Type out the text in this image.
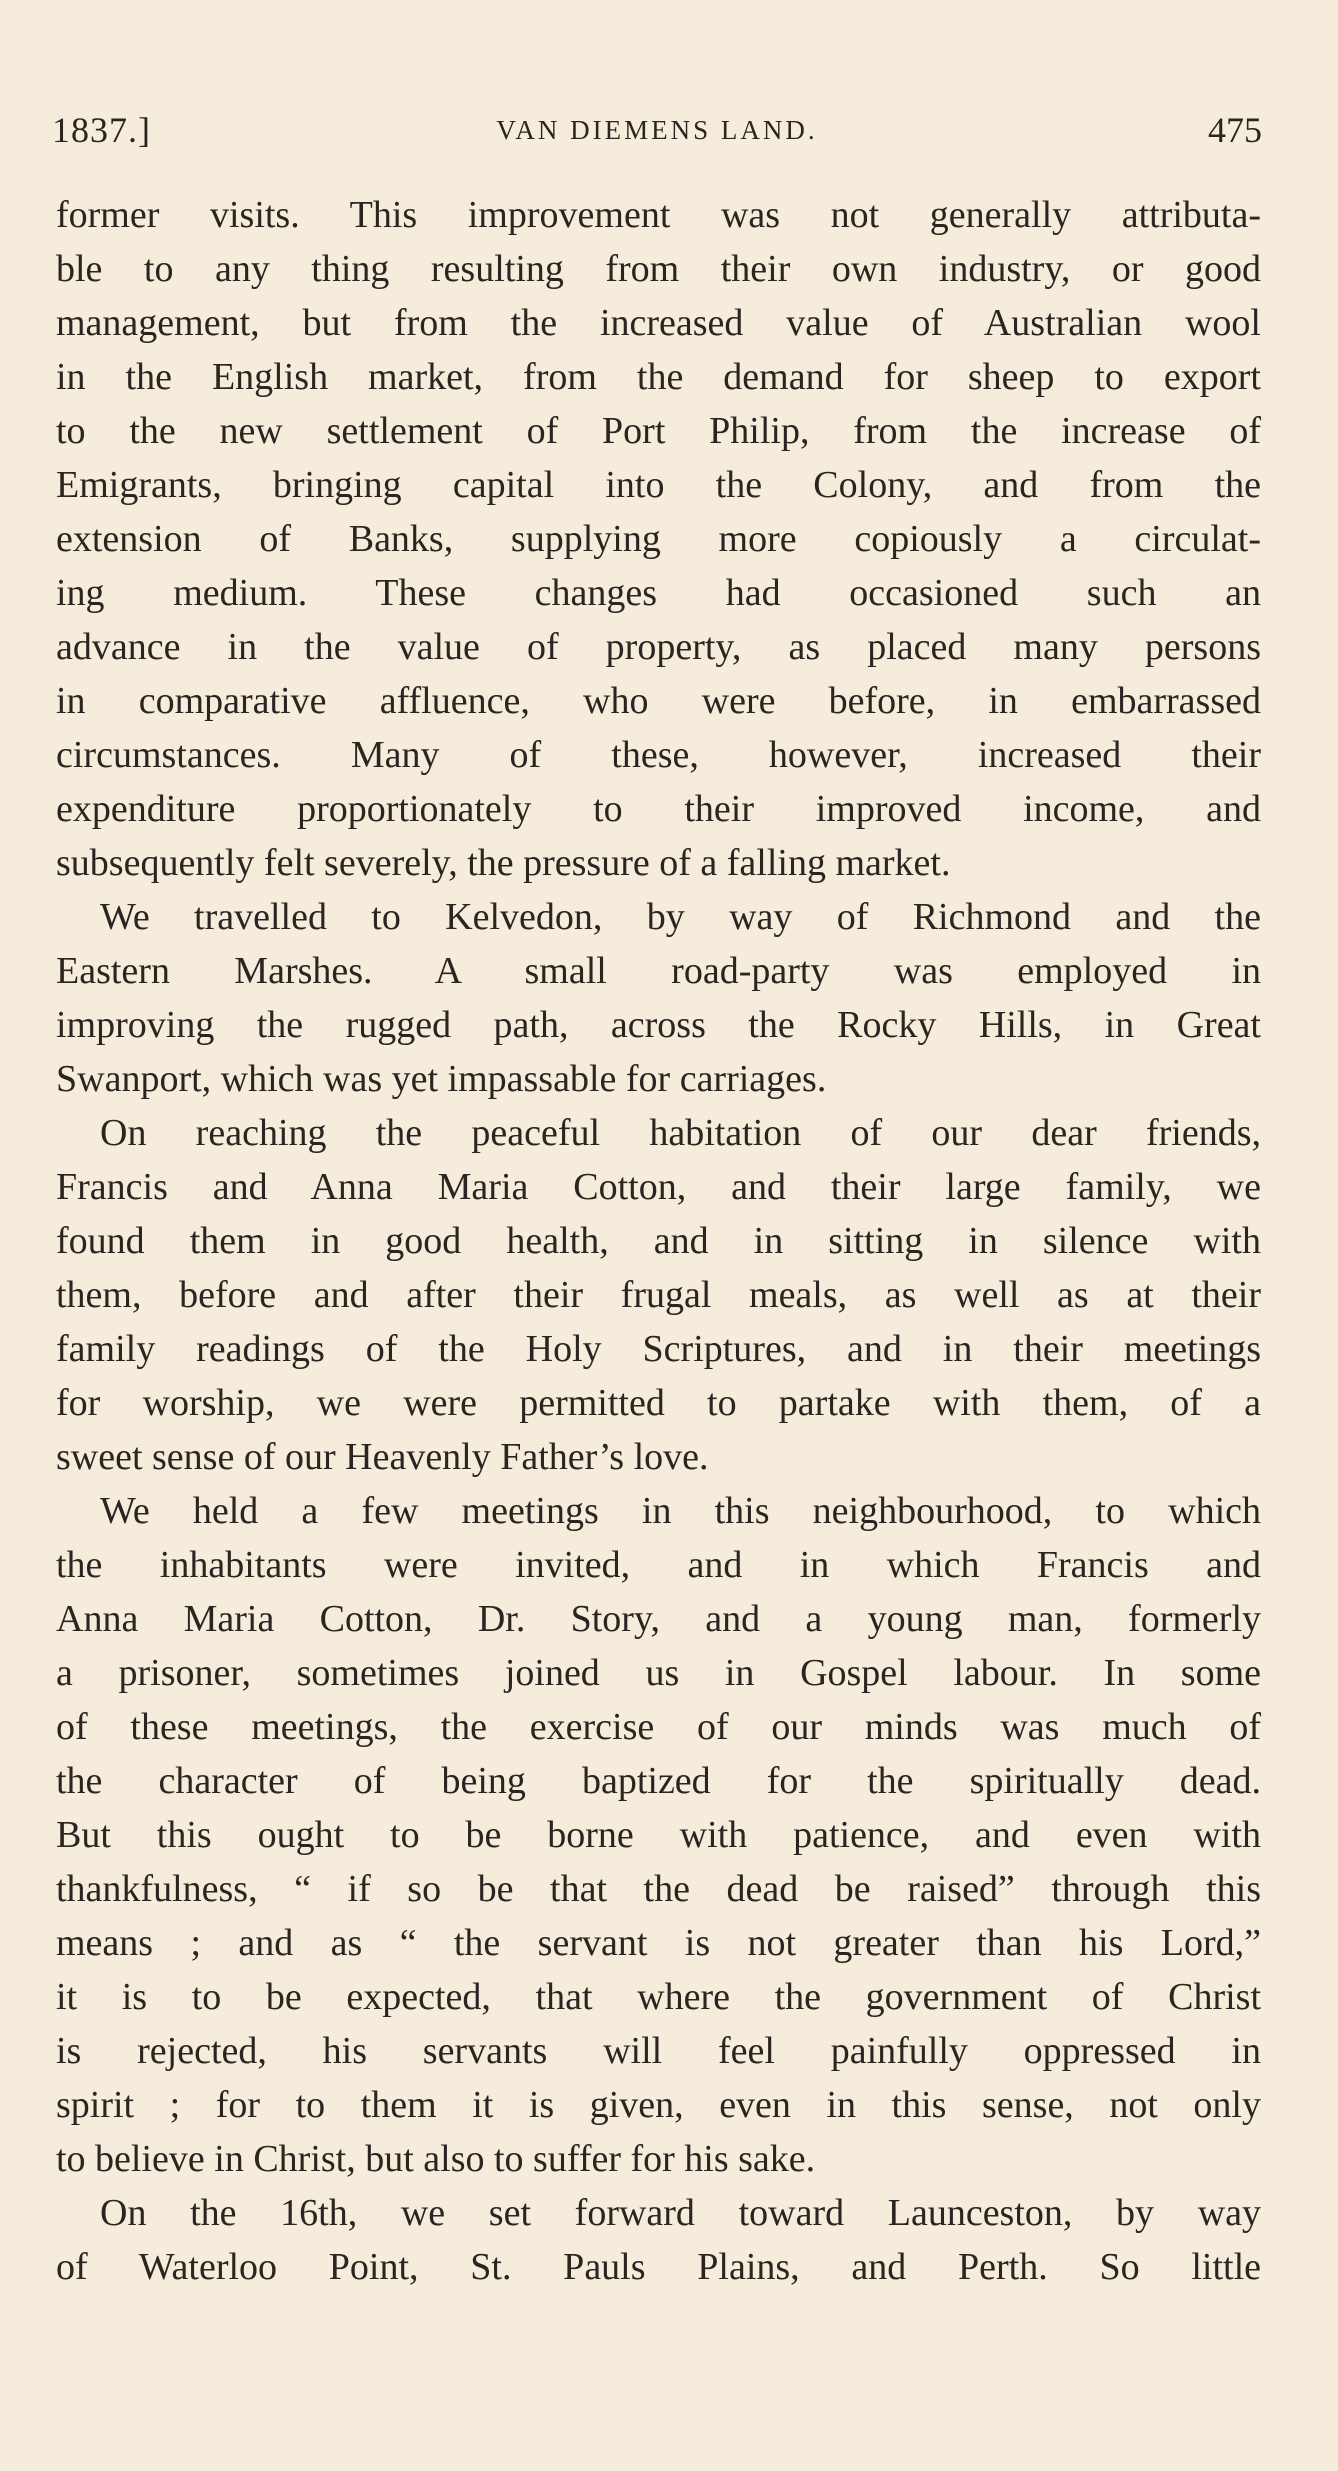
1837.]	VAN DIEMENS LAND.	475
former visits. This improvement was not generally attributa-
ble to any thing resulting from their own industry, or good
management, but from the increased value of Australian wool
in the English market, from the demand for sheep to export
to the new settlement of Port Philip, from the increase of
Emigrants, bringing capital into the Colony, and from the
extension of Banks, supplying more copiously a circulat-
ing medium. These changes had occasioned such an
advance in the value of property, as placed many persons
in comparative affluence, who were before, in embarrassed
circumstances. Many of these, however, increased their
expenditure proportionately to their improved income, and
subsequently felt severely, the pressure of a falling market.
We travelled to Kelvedon, by way of Richmond and the
Eastern Marshes. A small road-party was employed in
improving the rugged path, across the Rocky Hills, in Great
Swanport, which was yet impassable for carriages.
On reaching the peaceful habitation of our dear friends,
Francis and Anna Maria Cotton, and their large family, we
found them in good health, and in sitting in silence with
them, before and after their frugal meals, as well as at their
family readings of the Holy Scriptures, and in their meetings
for worship, we were permitted to partake with them, of a
sweet sense of our Heavenly Father’s love.
We held a few meetings in this neighbourhood, to which
the inhabitants were invited, and in which Francis and
Anna Maria Cotton, Dr. Story, and a young man, formerly
a prisoner, sometimes joined us in Gospel labour. In some
of these meetings, the exercise of our minds was much of
the character of being baptized for the spiritually dead.
But this ought to be borne with patience, and even with
thankfulness, “ if so be that the dead be raised” through this
means ; and as “ the servant is not greater than his Lord,”
it is to be expected, that where the government of Christ
is rejected, his servants will feel painfully oppressed in
spirit ; for to them it is given, even in this sense, not only
to believe in Christ, but also to suffer for his sake.
On the 16th, we set forward toward Launceston, by way
of Waterloo Point, St. Pauls Plains, and Perth. So little
